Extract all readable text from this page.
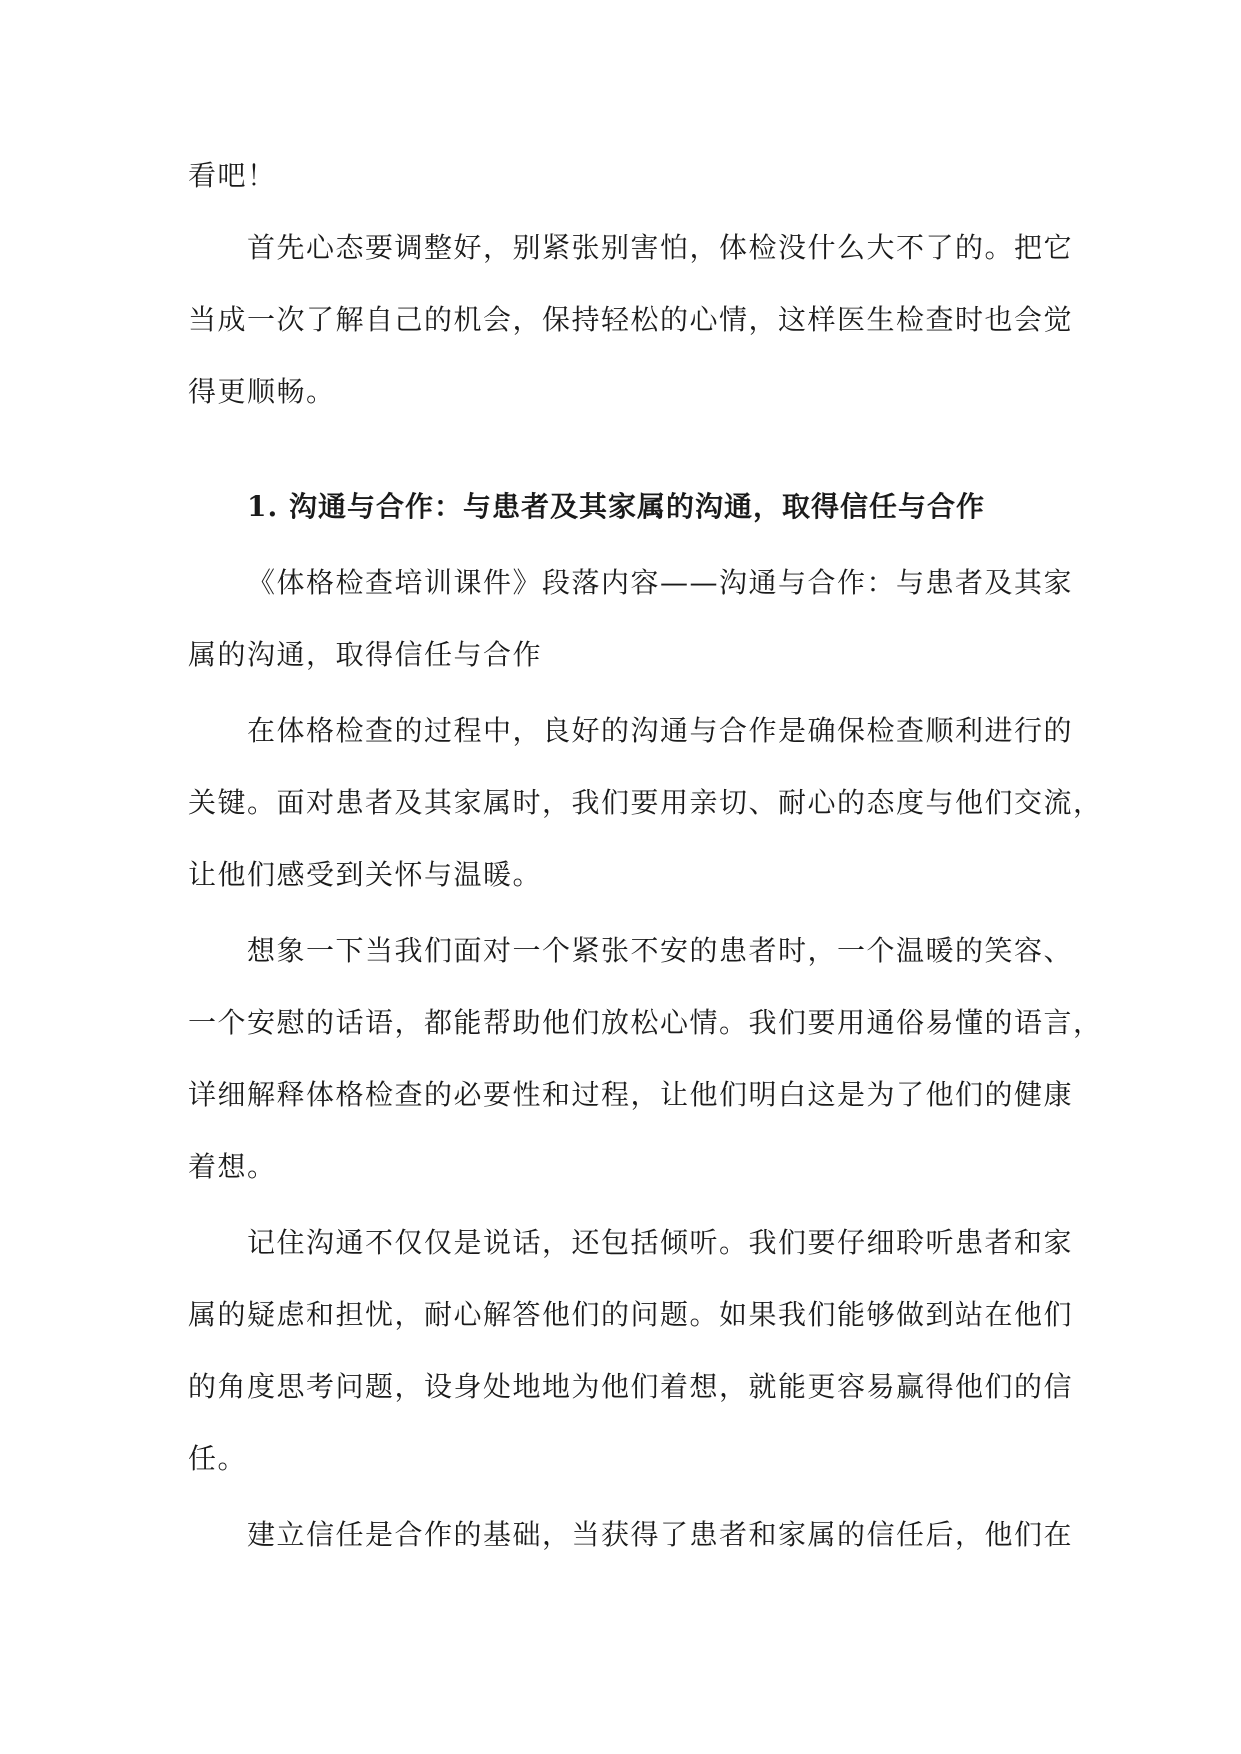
看吧！
首先心态要调整好，别紧张别害怕，体检没什么大不了的。把它
当成一次了解自己的机会，保持轻松的心情，这样医生检查时也会觉
得更顺畅。
1. 沟通与合作：与患者及其家属的沟通，取得信任与合作
《体格检查培训课件》段落内容——沟通与合作：与患者及其家
属的沟通，取得信任与合作
在体格检查的过程中，良好的沟通与合作是确保检查顺利进行的
关键。面对患者及其家属时，我们要用亲切、耐心的态度与他们交流，
让他们感受到关怀与温暖。
想象一下当我们面对一个紧张不安的患者时，一个温暖的笑容、
一个安慰的话语，都能帮助他们放松心情。我们要用通俗易懂的语言，
详细解释体格检查的必要性和过程，让他们明白这是为了他们的健康
着想。
记住沟通不仅仅是说话，还包括倾听。我们要仔细聆听患者和家
属的疑虑和担忧，耐心解答他们的问题。如果我们能够做到站在他们
的角度思考问题，设身处地地为他们着想，就能更容易赢得他们的信
任。
建立信任是合作的基础，当获得了患者和家属的信任后，他们在
